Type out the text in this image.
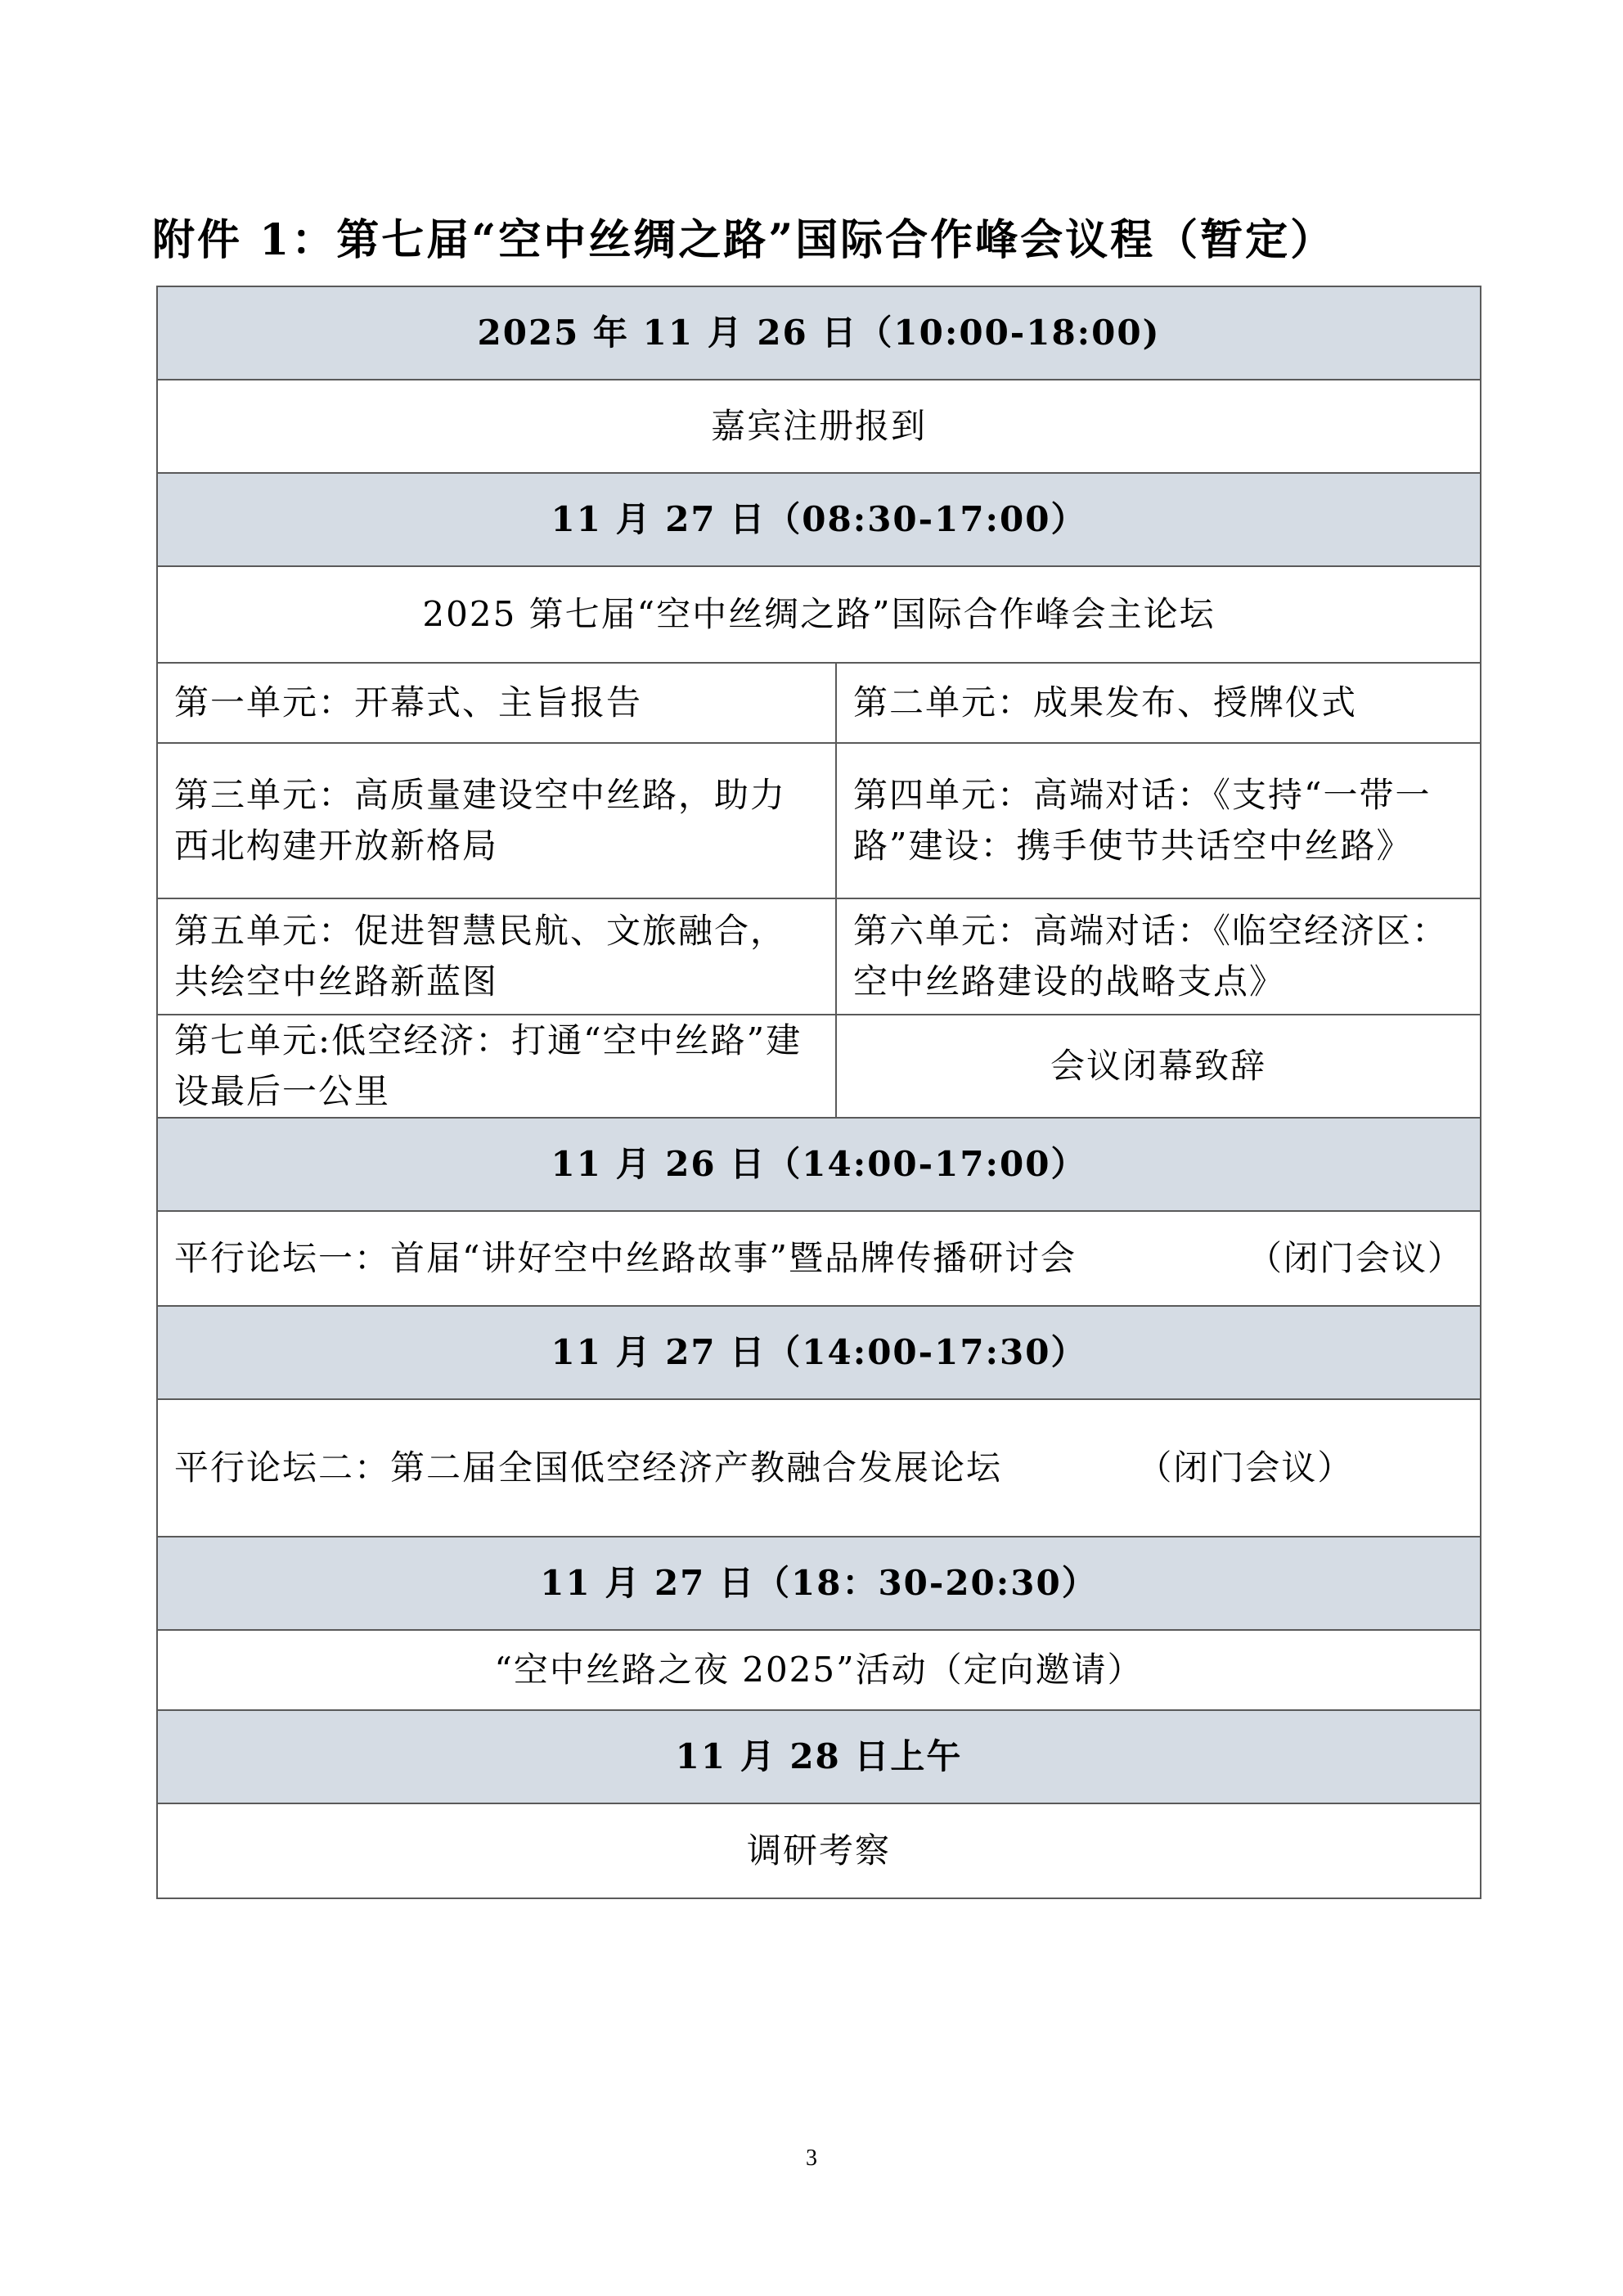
附件 1：第七届“空中丝绸之路”国际合作峰会议程（暂定）
2025 年 11 月 26 日（10:00-18:00)	
嘉宾注册报到	
11 月 27 日（08:30-17:00）	
2025 第七届“空中丝绸之路”国际合作峰会主论坛	
第一单元：开幕式、主旨报告	第二单元：成果发布、授牌仪式
第三单元：高质量建设空中丝路，助力西北构建开放新格局	第四单元：高端对话：《支持“一带一路”建设：携手使节共话空中丝路》
第五单元：促进智慧民航、文旅融合，共绘空中丝路新蓝图	第六单元：高端对话：《临空经济区：空中丝路建设的战略支点》
第七单元:低空经济：打通“空中丝路”建设最后一公里	会议闭幕致辞
11 月 26 日（14:00-17:00）	
平行论坛一：首届“讲好空中丝路故事”暨品牌传播研讨会 （闭门会议）	

11 月 27 日（14:00-17:30）	
平行论坛二：第二届全国低空经济产教融合发展论坛 （闭门会议）	
11 月 27 日（18：30-20:30）	
“空中丝路之夜 2025”活动（定向邀请）	
11 月 28 日上午	
调研考察	
3
